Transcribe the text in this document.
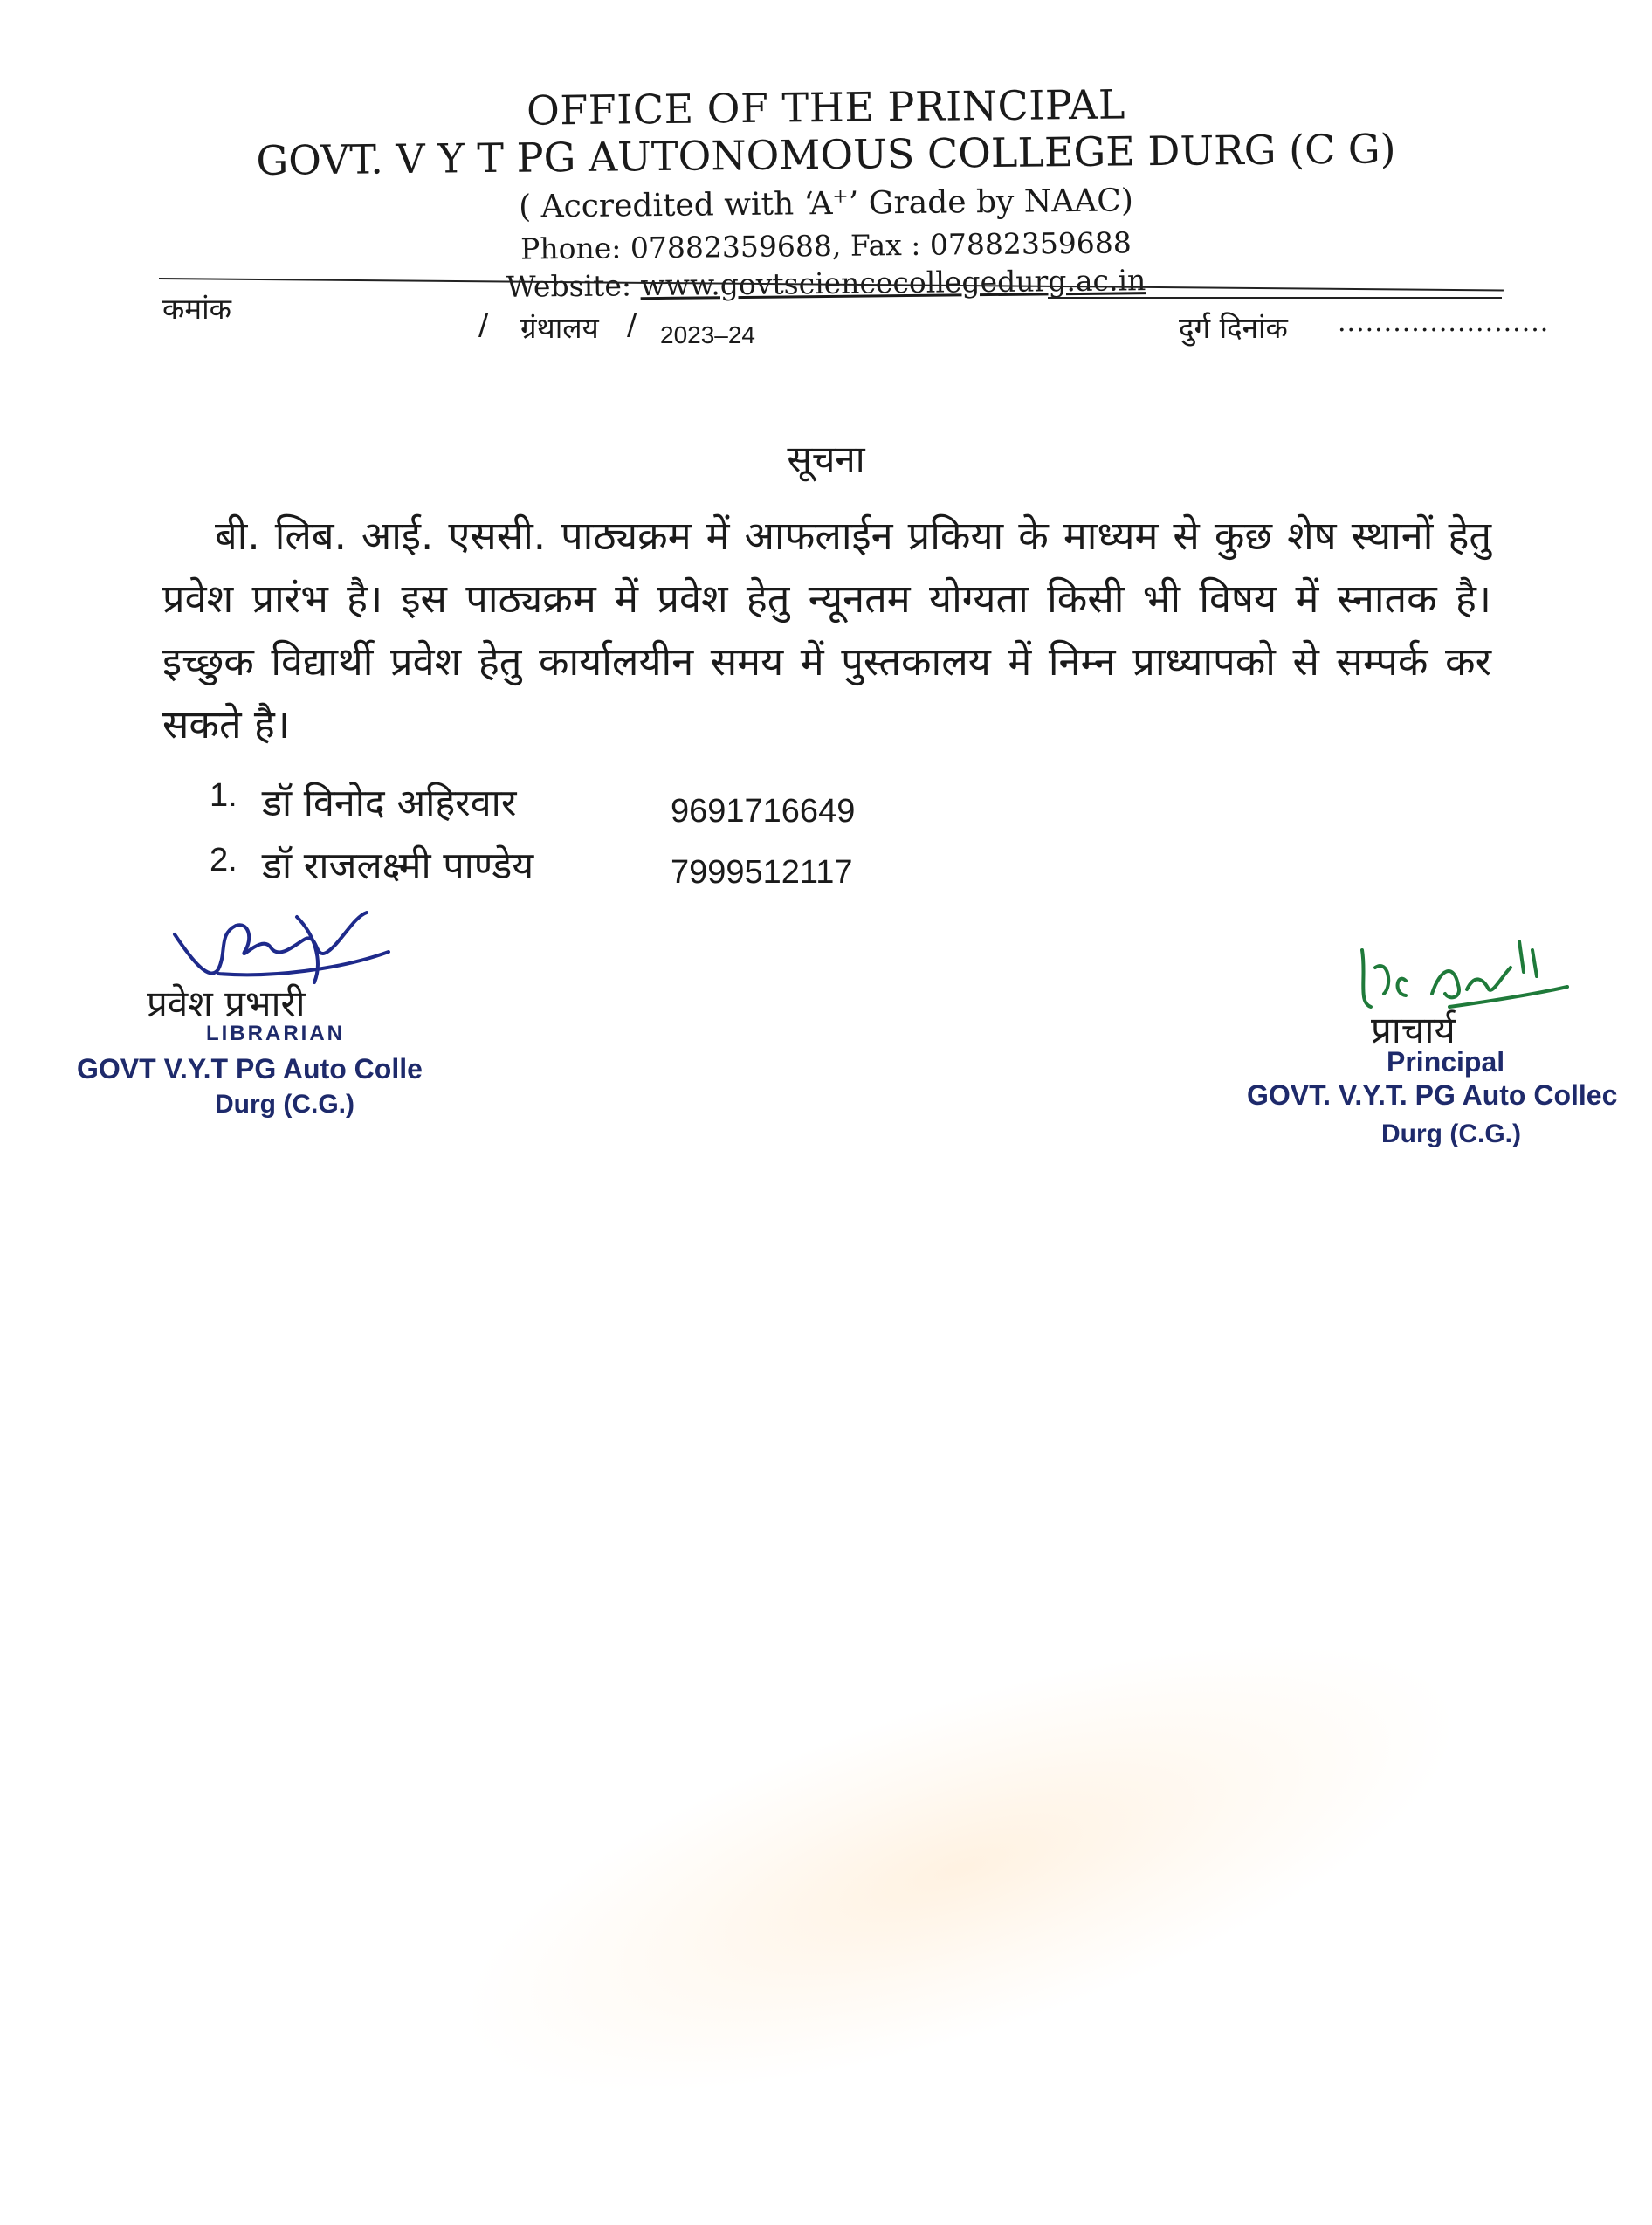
OFFICE OF THE PRINCIPAL
GOVT. V Y T PG AUTONOMOUS COLLEGE DURG (C G)
( Accredited with ‘A+’ Grade by NAAC)
Phone: 07882359688, Fax : 07882359688
Website: www.govtsciencecollegedurg.ac.in
कमांक	/ ग्रंथालय / 2023–24	दुर्ग दिनांक .......................
सूचना
बी. लिब. आई. एससी. पाठ्यक्रम में आफलाईन प्रकिया के माध्यम से कुछ शेष स्थानों हेतु प्रवेश प्रारंभ है। इस पाठ्यक्रम में प्रवेश हेतु न्यूनतम योग्यता किसी भी विषय में स्नातक है। इच्छुक विद्यार्थी प्रवेश हेतु कार्यालयीन समय में पुस्तकालय में निम्न प्राध्यापको से सम्पर्क कर सकते है।
1. डॉ विनोद अहिरवार	9691716649
2. डॉ राजलक्ष्मी पाण्डेय	7999512117
प्रवेश प्रभारी
LIBRARIAN
GOVT V.Y.T PG Auto Colle
Durg (C.G.)
प्राचार्य
Principal
GOVT. V.Y.T. PG Auto Collec
Durg (C.G.)
